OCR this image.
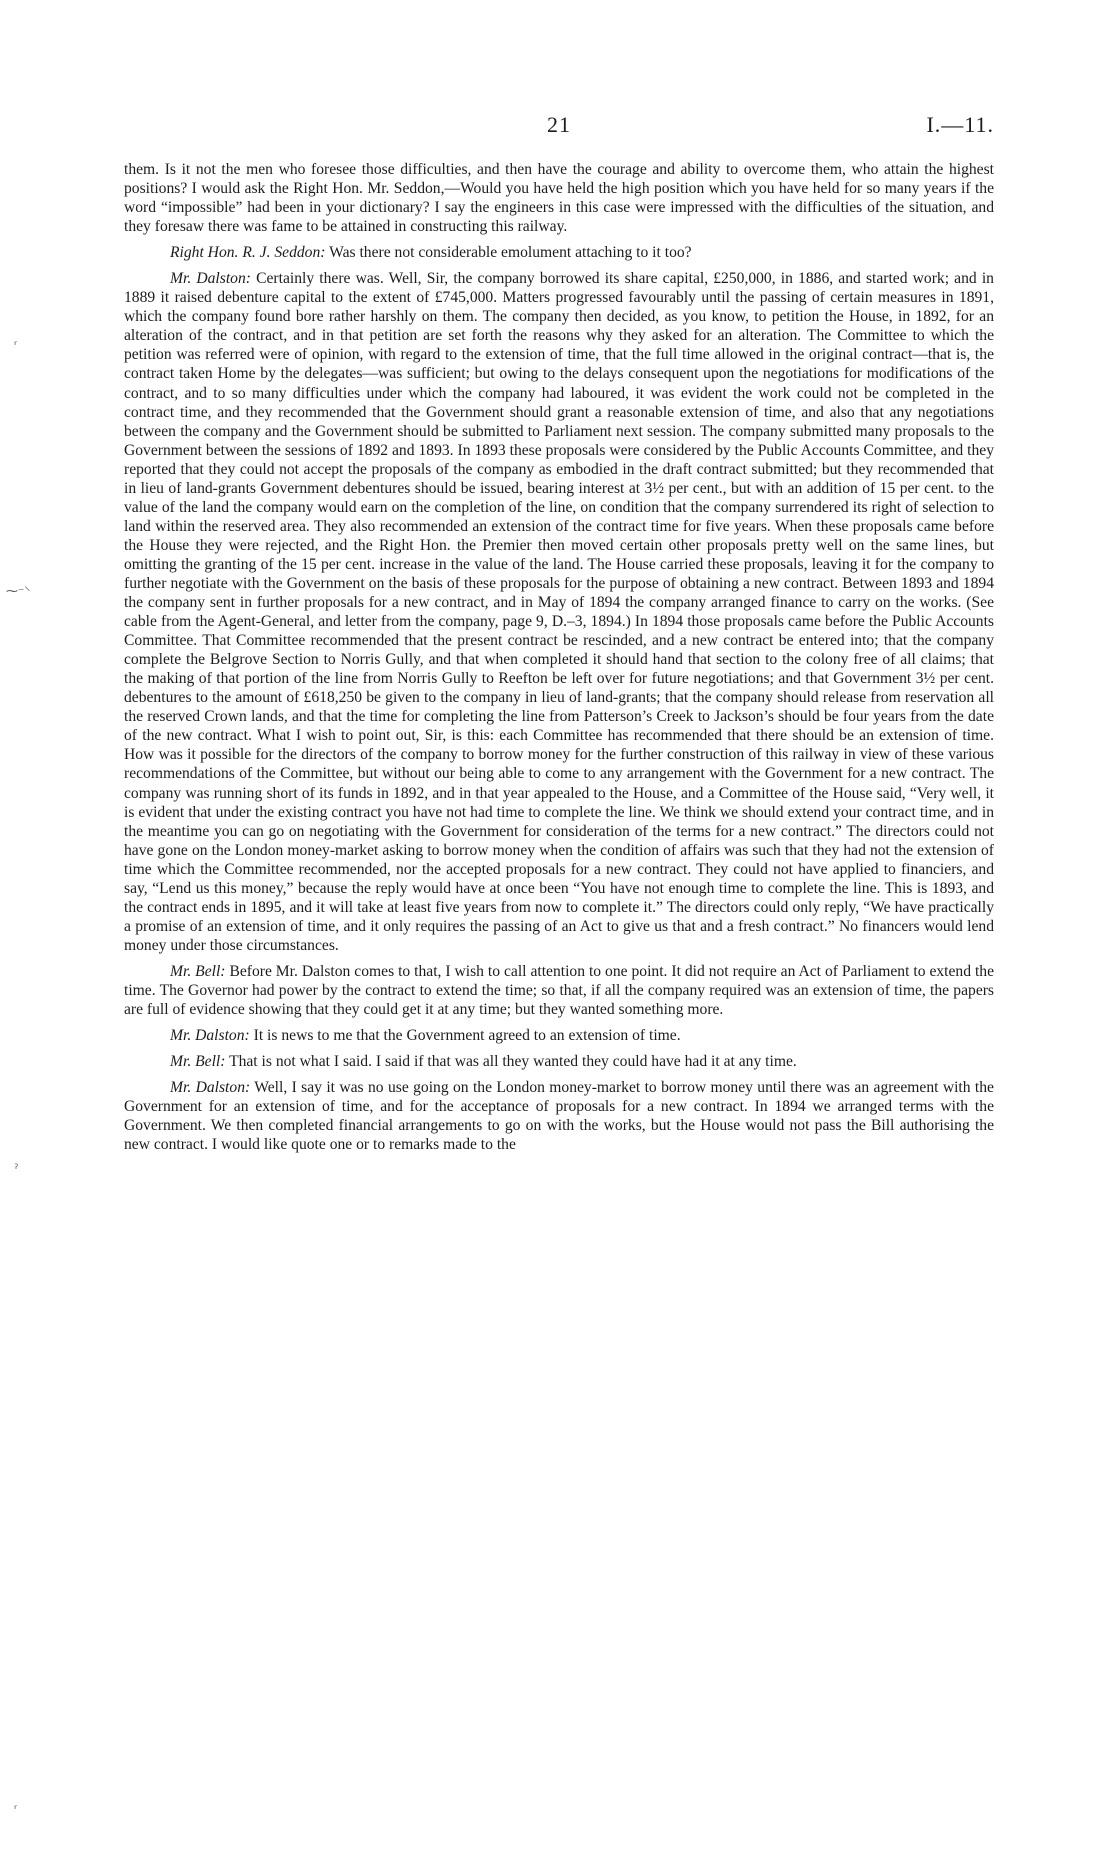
21	I.—11.
ʳ
⁓⁻⸌
ˀ
ʳ

them. Is it not the men who foresee those difficulties, and then have the courage and ability to overcome them, who attain the highest positions? I would ask the Right Hon. Mr. Seddon,—Would you have held the high position which you have held for so many years if the word “impossible” had been in your dictionary? I say the engineers in this case were impressed with the difficulties of the situation, and they foresaw there was fame to be attained in constructing this railway.

Right Hon. R. J. Seddon: Was there not considerable emolument attaching to it too?

Mr. Dalston: Certainly there was. Well, Sir, the company borrowed its share capital, £250,000, in 1886, and started work; and in 1889 it raised debenture capital to the extent of £745,000. Matters progressed favourably until the passing of certain measures in 1891, which the company found bore rather harshly on them. The company then decided, as you know, to petition the House, in 1892, for an alteration of the contract, and in that petition are set forth the reasons why they asked for an alteration. The Committee to which the petition was referred were of opinion, with regard to the extension of time, that the full time allowed in the original contract—that is, the contract taken Home by the delegates—was sufficient; but owing to the delays consequent upon the negotiations for modifications of the contract, and to so many difficulties under which the company had laboured, it was evident the work could not be completed in the contract time, and they recommended that the Government should grant a reasonable extension of time, and also that any negotiations between the company and the Government should be submitted to Parliament next session. The company submitted many proposals to the Government between the sessions of 1892 and 1893. In 1893 these proposals were considered by the Public Accounts Committee, and they reported that they could not accept the proposals of the company as embodied in the draft contract submitted; but they recommended that in lieu of land-grants Government debentures should be issued, bearing interest at 3½ per cent., but with an addition of 15 per cent. to the value of the land the company would earn on the completion of the line, on condition that the company surrendered its right of selection to land within the reserved area. They also recommended an extension of the contract time for five years. When these proposals came before the House they were rejected, and the Right Hon. the Premier then moved certain other proposals pretty well on the same lines, but omitting the granting of the 15 per cent. increase in the value of the land. The House carried these proposals, leaving it for the company to further negotiate with the Government on the basis of these proposals for the purpose of obtaining a new contract. Between 1893 and 1894 the company sent in further proposals for a new contract, and in May of 1894 the company arranged finance to carry on the works. (See cable from the Agent-General, and letter from the company, page 9, D.–3, 1894.) In 1894 those proposals came before the Public Accounts Committee. That Committee recommended that the present contract be rescinded, and a new contract be entered into; that the company complete the Belgrove Section to Norris Gully, and that when completed it should hand that section to the colony free of all claims; that the making of that portion of the line from Norris Gully to Reefton be left over for future negotiations; and that Government 3½ per cent. debentures to the amount of £618,250 be given to the company in lieu of land-grants; that the company should release from reservation all the reserved Crown lands, and that the time for completing the line from Patterson’s Creek to Jackson’s should be four years from the date of the new contract. What I wish to point out, Sir, is this: each Committee has recommended that there should be an extension of time. How was it possible for the directors of the company to borrow money for the further construction of this railway in view of these various recommendations of the Committee, but without our being able to come to any arrangement with the Government for a new contract. The company was running short of its funds in 1892, and in that year appealed to the House, and a Committee of the House said, “Very well, it is evident that under the existing contract you have not had time to complete the line. We think we should extend your contract time, and in the meantime you can go on negotiating with the Government for consideration of the terms for a new contract.” The directors could not have gone on the London money-market asking to borrow money when the condition of affairs was such that they had not the extension of time which the Committee recommended, nor the accepted proposals for a new contract. They could not have applied to financiers, and say, “Lend us this money,” because the reply would have at once been “You have not enough time to complete the line. This is 1893, and the contract ends in 1895, and it will take at least five years from now to complete it.” The directors could only reply, “We have practically a promise of an extension of time, and it only requires the passing of an Act to give us that and a fresh contract.” No financers would lend money under those circumstances.

Mr. Bell: Before Mr. Dalston comes to that, I wish to call attention to one point. It did not require an Act of Parliament to extend the time. The Governor had power by the contract to extend the time; so that, if all the company required was an extension of time, the papers are full of evidence showing that they could get it at any time; but they wanted something more.

Mr. Dalston: It is news to me that the Government agreed to an extension of time.

Mr. Bell: That is not what I said. I said if that was all they wanted they could have had it at any time.

Mr. Dalston: Well, I say it was no use going on the London money-market to borrow money until there was an agreement with the Government for an extension of time, and for the acceptance of proposals for a new contract. In 1894 we arranged terms with the Government. We then completed financial arrangements to go on with the works, but the House would not pass the Bill authorising the new contract. I would like quote one or to remarks made to the
